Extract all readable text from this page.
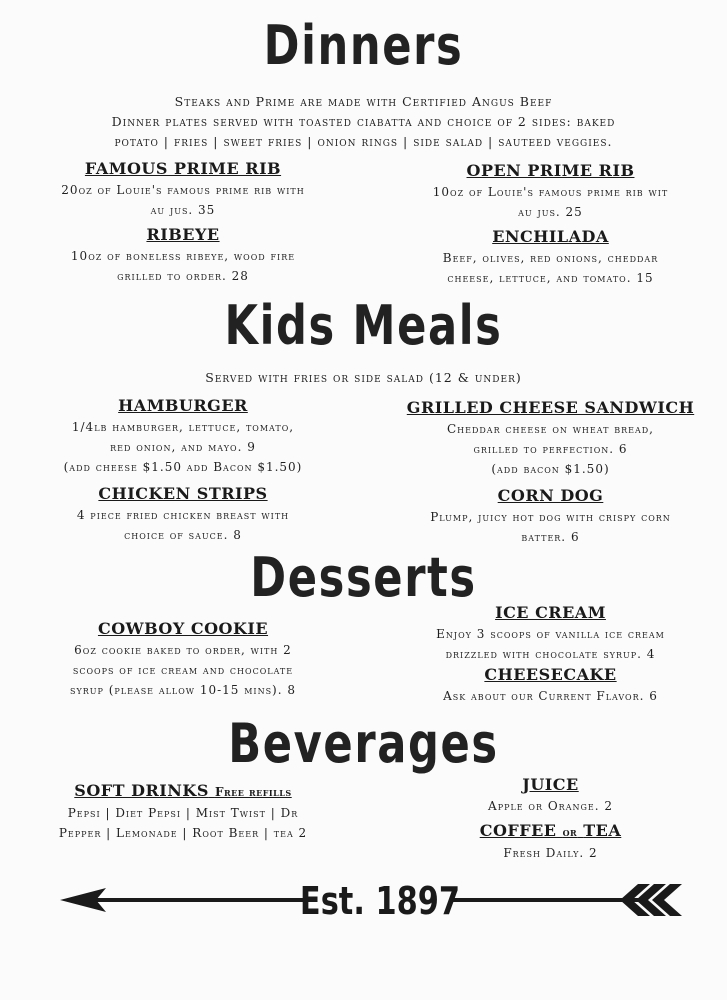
Dinners
Steaks and Prime are made with Certified Angus Beef
Dinner plates served with toasted ciabatta and choice of 2 sides: baked
potato | fries | sweet fries | onion rings | side salad | sauteed veggies.
FAMOUS PRIME RIB
20oz of Louie's famous prime rib with
au jus. 35
OPEN PRIME RIB
10oz of Louie's famous prime rib wit
au jus. 25
RIBEYE
10oz of boneless ribeye, wood fire
grilled to order. 28
ENCHILADA
Beef, olives, red onions, cheddar
cheese, lettuce, and tomato. 15
Kids Meals
Served with fries or side salad (12 & under)
HAMBURGER
1/4lb hamburger, lettuce, tomato,
red onion, and mayo. 9
(add cheese $1.50 add Bacon $1.50)
GRILLED CHEESE SANDWICH
Cheddar cheese on wheat bread,
grilled to perfection. 6
(add bacon $1.50)
CHICKEN STRIPS
4 piece fried chicken breast with
choice of sauce. 8
CORN DOG
Plump, juicy hot dog with crispy corn
batter. 6
Desserts
COWBOY COOKIE
6oz cookie baked to order, with 2
scoops of ice cream and chocolate
syrup (please allow 10-15 mins). 8
ICE CREAM
Enjoy 3 scoops of vanilla ice cream
drizzled with chocolate syrup. 4
CHEESECAKE
Ask about our Current Flavor. 6
Beverages
SOFT DRINKS Free refills
Pepsi | Diet Pepsi | Mist Twist | Dr
Pepper | Lemonade | Root Beer | tea 2
JUICE
Apple or Orange. 2
COFFEE or TEA
Fresh Daily. 2
Est. 1897
